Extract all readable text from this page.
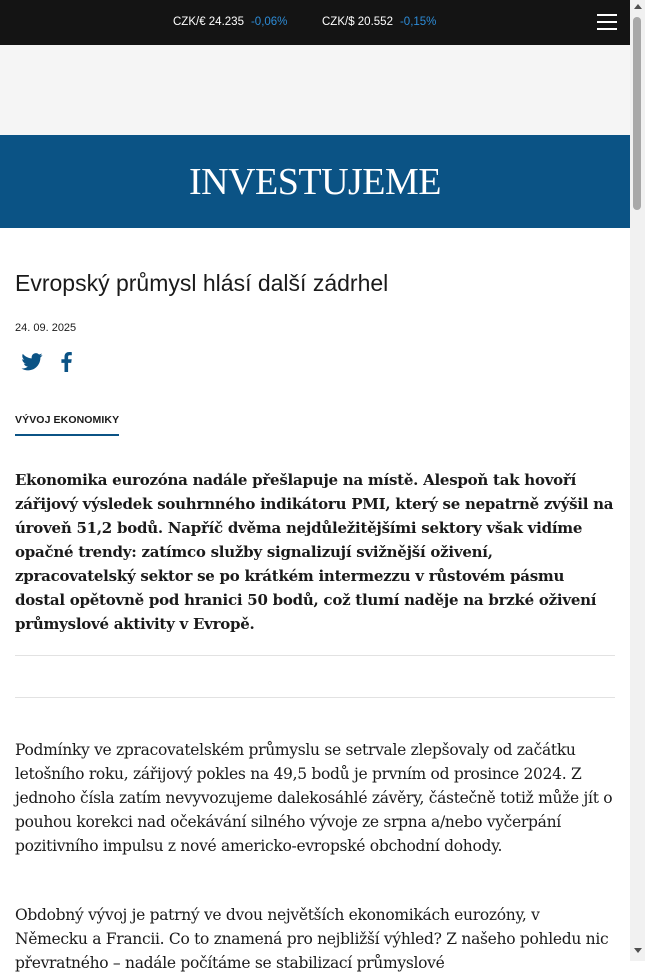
CZK/€ 24.235 -0,06%	CZK/$ 20.552 -0,15%
INVESTUJEME
Evropský průmysl hlásí další zádrhel
24. 09. 2025
VÝVOJ EKONOMIKY

Ekonomika eurozóna nadále přešlapuje na místě. Alespoň tak hovoří zářijový výsledek souhrnného indikátoru PMI, který se nepatrně zvýšil na úroveň 51,2 bodů. Napříč dvěma nejdůležitějšími sektory však vidíme opačné trendy: zatímco služby signalizují svižnější oživení, zpracovatelský sektor se po krátkém intermezzu v růstovém pásmu dostal opětovně pod hranici 50 bodů, což tlumí naděje na brzké oživení průmyslové aktivity v Evropě.

Podmínky ve zpracovatelském průmyslu se setrvale zlepšovaly od začátku letošního roku, zářijový pokles na 49,5 bodů je prvním od prosince 2024. Z jednoho čísla zatím nevyvozujeme dalekosáhlé závěry, částečně totiž může jít o pouhou korekci nad očekávání silného vývoje ze srpna a/nebo vyčerpání pozitivního impulsu z nové americko-evropské obchodní dohody.

Obdobný vývoj je patrný ve dvou největších ekonomikách eurozóny, v Německu a Francii. Co to znamená pro nejbližší výhled? Z našeho pohledu nic převratného – nadále počítáme se stabilizací průmyslové
